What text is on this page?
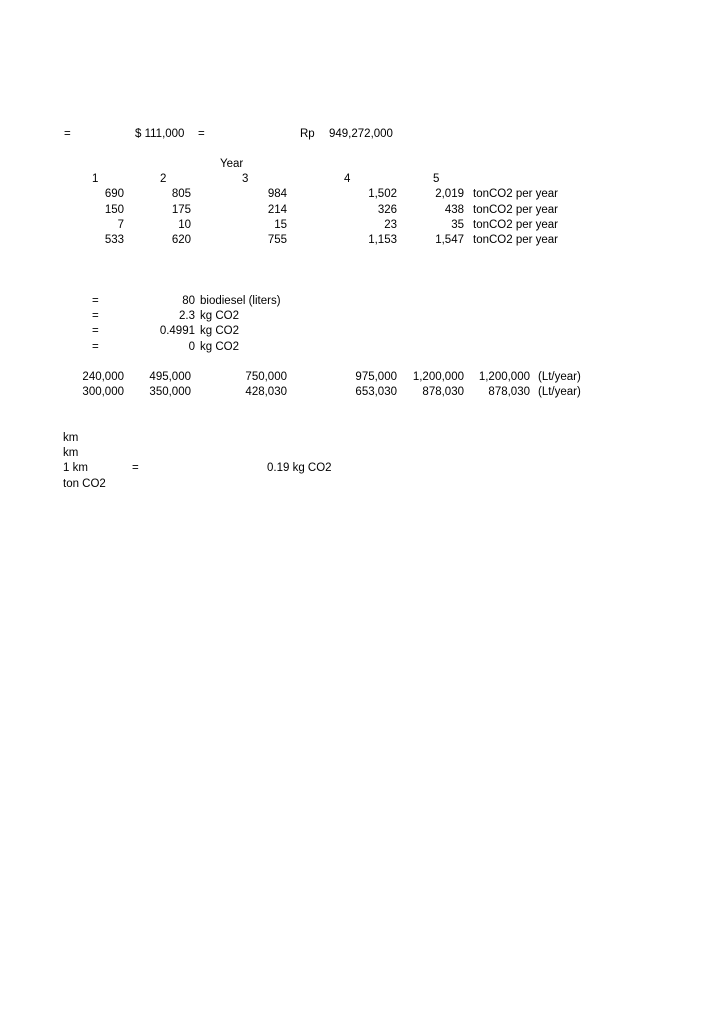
=	$ 111,000 =	Rp 949,272,000
Year
1	2	3	4	5
690	805	984	1,502	2,019 tonCO2 per year
150	175	214	326	438 tonCO2 per year
7	10	15	23	35 tonCO2 per year
533	620	755	1,153	1,547 tonCO2 per year
=	80 biodiesel (liters)
=	2.3 kg CO2
=	0.4991 kg CO2
=	0 kg CO2
240,000	495,000	750,000	975,000	1,200,000	1,200,000 (Lt/year)
300,000	350,000	428,030	653,030	878,030	878,030 (Lt/year)
km
km
1 km	=	0.19 kg CO2
ton CO2
